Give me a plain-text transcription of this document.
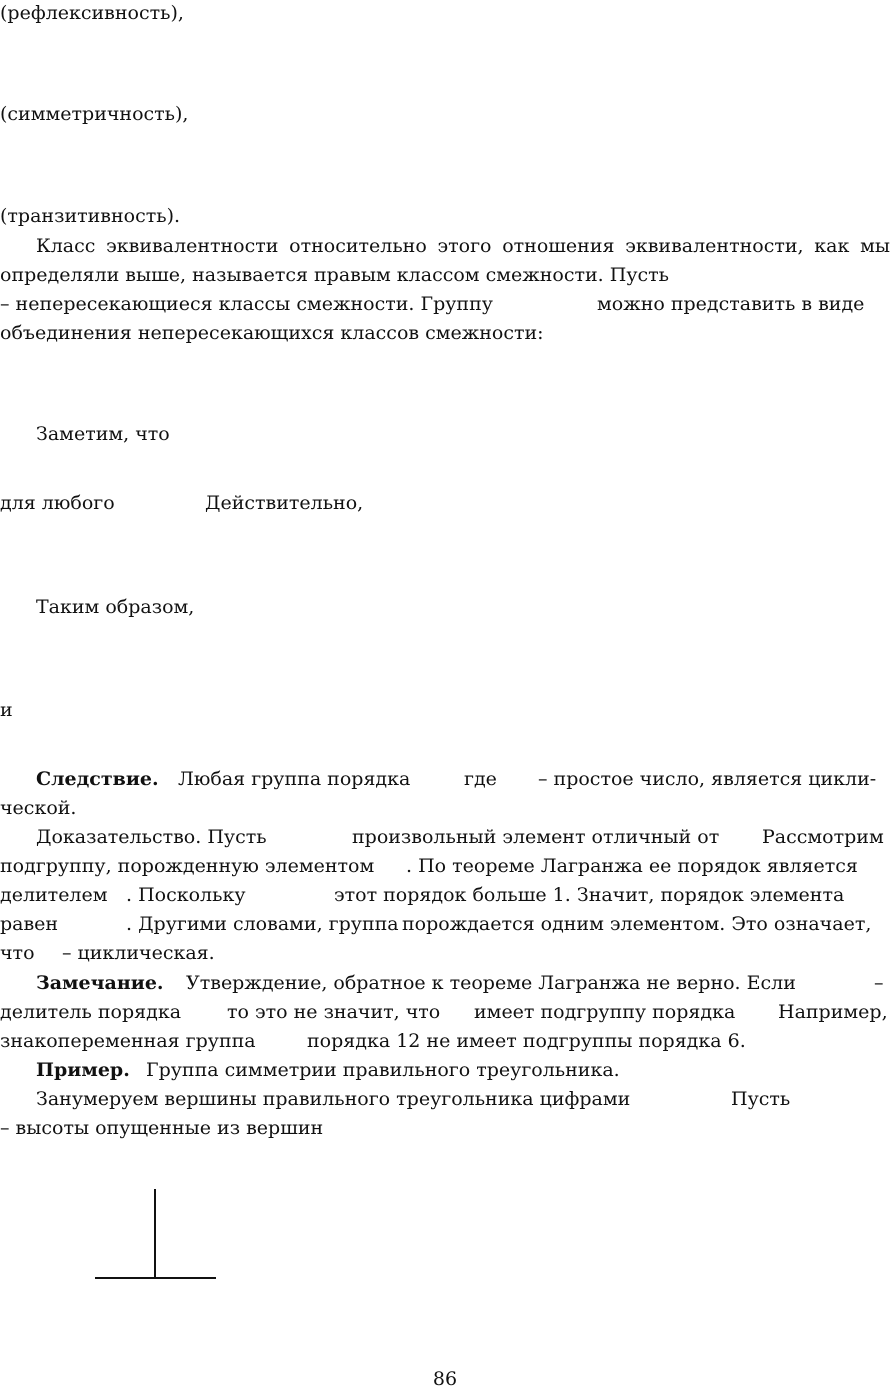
(рефлексивность),
(симметричность),
(транзитивность).
Класс эквивалентности относительно этого отношения эквивалентности, как мы
определяли выше, называется правым классом смежности. Пусть
– непересекающиеся классы смежности. Группу	можно представить в виде
объединения непересекающихся классов смежности:
Заметим, что
для любого	Действительно,
Таким образом,
и
Следствие. Любая группа порядка	где – простое число, является цикли-
ческой.
Доказательство. Пусть	произвольный элемент отличный от Рассмотрим
подгруппу, порожденную элементом . По теореме Лагранжа ее порядок является
делителем . Поскольку	этот порядок больше 1. Значит, порядок элемента
равен	. Другими словами, группа порождается одним элементом. Это означает,
что – циклическая.
Замечание. Утверждение, обратное к теореме Лагранжа не верно. Если	–
делитель порядка то это не значит, что имеет подгруппу порядка Например,
знакопеременная группа	порядка 12 не имеет подгруппы порядка 6.
Пример. Группа симметрии правильного треугольника.
Занумеруем вершины правильного треугольника цифрами	Пусть
– высоты опущенные из вершин
86
